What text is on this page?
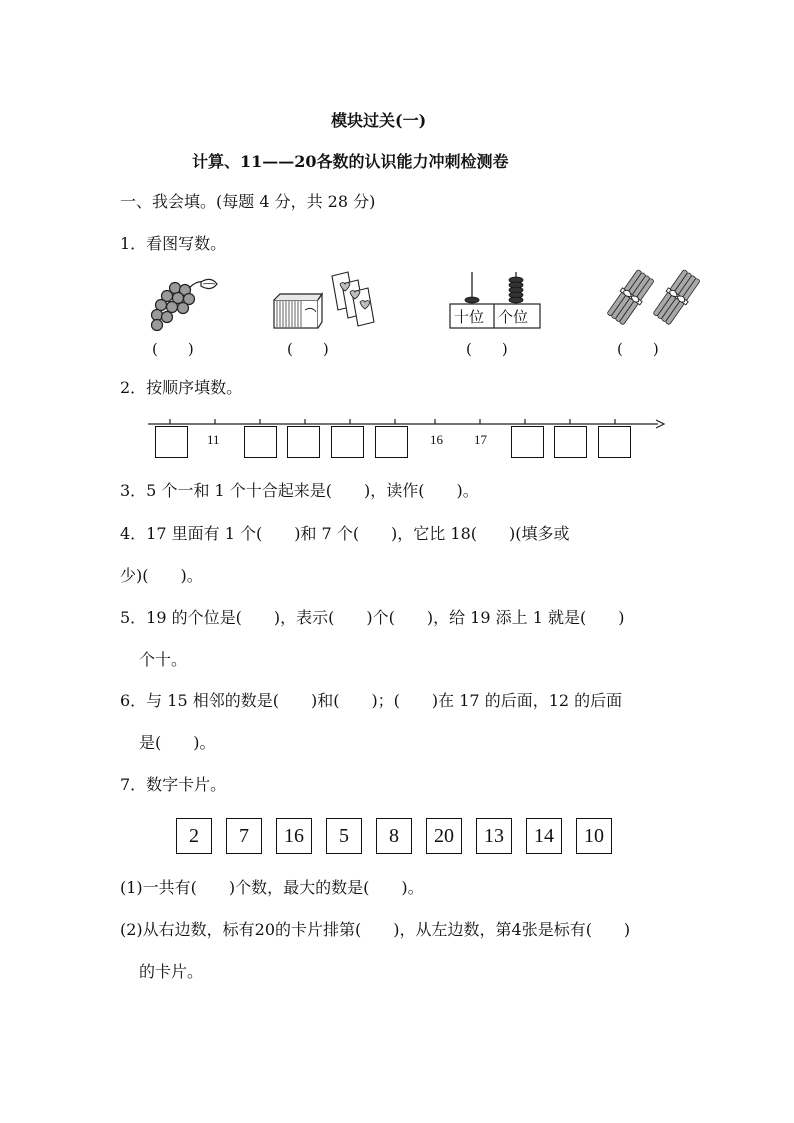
模块过关(一)
计算、11——20各数的认识能力冲刺检测卷
一、我会填。(每题 4 分，共 28 分)
1．看图写数。
(　　)	(　　)
十位 个位
(　　)	(　　)
2．按顺序填数。
11	16 17
3．5 个一和 1 个十合起来是(　　)，读作(　　)。
4．17 里面有 1 个(　　)和 7 个(　　)，它比 18(　　)(填多或
少)(　　)。
5．19 的个位是(　　)，表示(　　)个(　　)，给 19 添上 1 就是(　　)
个十。
6．与 15 相邻的数是(　　)和(　　)；(　　)在 17 的后面，12 的后面
是(　　)。
7．数字卡片。
2	7	16	5	8	20	13	14	10
(1)一共有(　　)个数，最大的数是(　　)。
(2)从右边数，标有20的卡片排第(　　)，从左边数，第4张是标有(　　)
的卡片。
